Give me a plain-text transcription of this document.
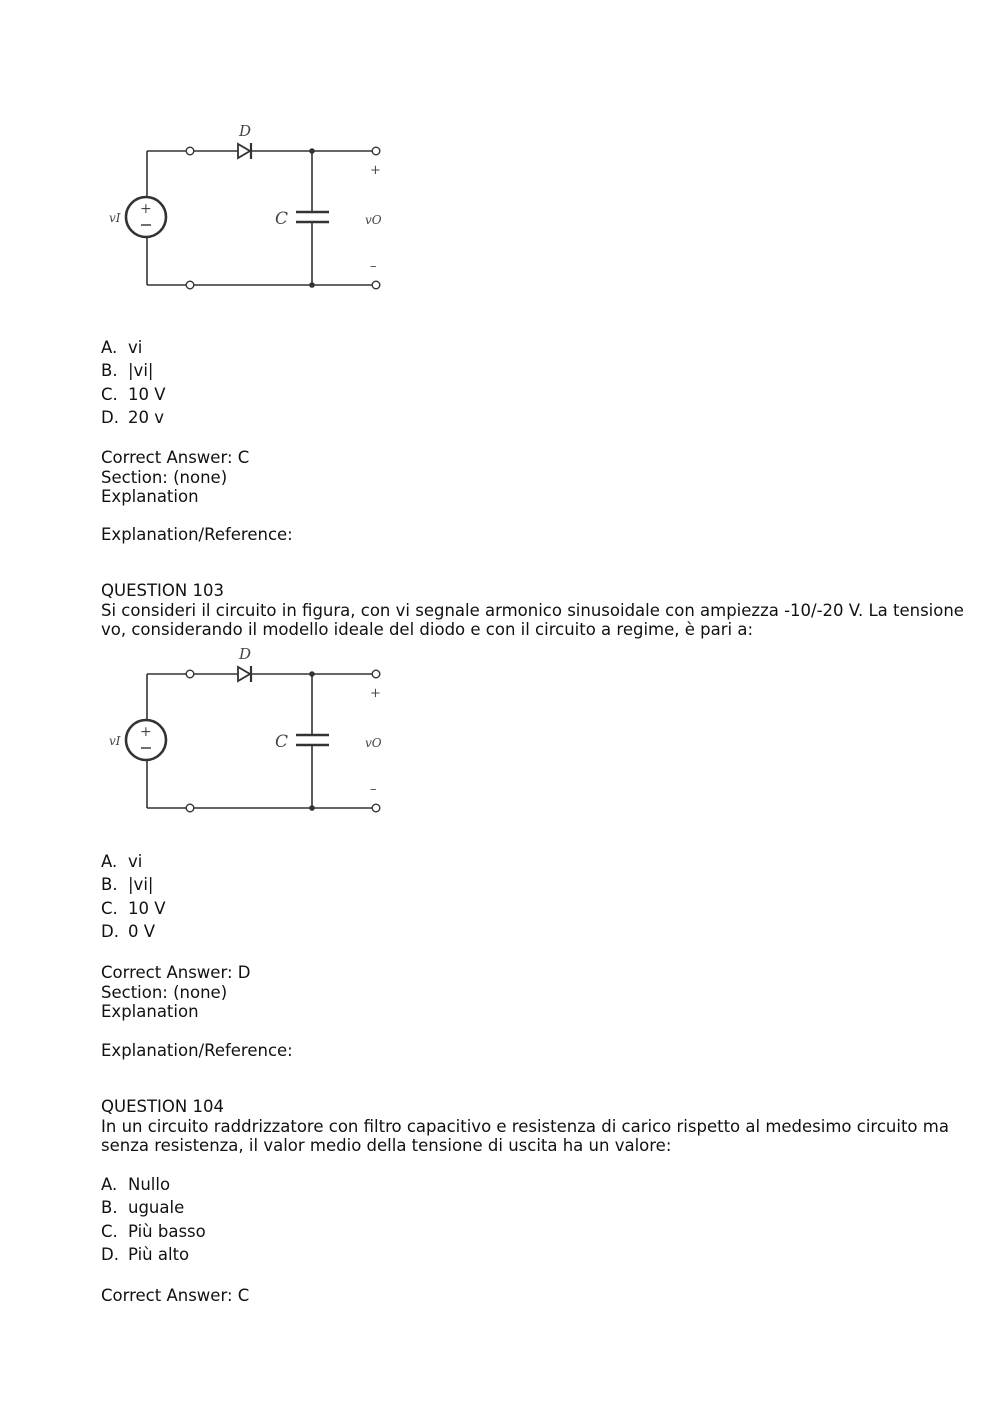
+
D
C
vI	vO
+
–
A. vi
B. |vi|
C. 10 V
D. 20 v
Correct Answer: C
Section: (none)
Explanation
Explanation/Reference:
QUESTION 103
Si consideri il circuito in figura, con vi segnale armonico sinusoidale con ampiezza -10/-20 V. La tensione
vo, considerando il modello ideale del diodo e con il circuito a regime, è pari a:
+
D
C
vI	vO
+
–
A. vi
B. |vi|
C. 10 V
D. 0 V
Correct Answer: D
Section: (none)
Explanation
Explanation/Reference:
QUESTION 104
In un circuito raddrizzatore con filtro capacitivo e resistenza di carico rispetto al medesimo circuito ma
senza resistenza, il valor medio della tensione di uscita ha un valore:
A. Nullo
B. uguale
C. Più basso
D. Più alto
Correct Answer: C
